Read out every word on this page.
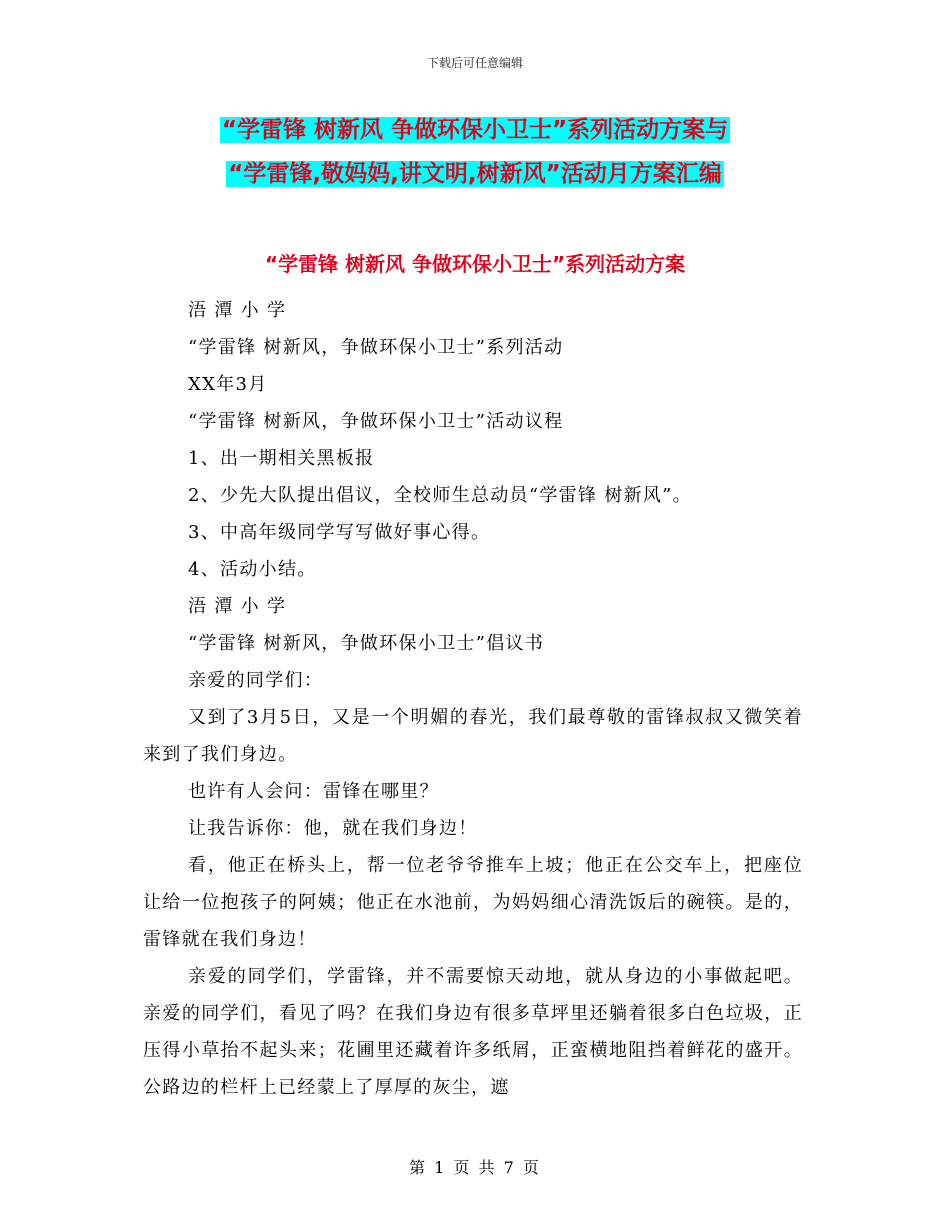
下载后可任意编辑
“学雷锋 树新风 争做环保小卫士”系列活动方案与
“学雷锋,敬妈妈,讲文明,树新风”活动月方案汇编
“学雷锋 树新风 争做环保小卫士”系列活动方案

浯 潭 小 学

“学雷锋 树新风，争做环保小卫士”系列活动

XX年3月

“学雷锋 树新风，争做环保小卫士”活动议程

1、出一期相关黑板报

2、少先大队提出倡议，全校师生总动员“学雷锋 树新风”。

3、中高年级同学写写做好事心得。

4、活动小结。

浯 潭 小 学

“学雷锋 树新风，争做环保小卫士”倡议书

亲爱的同学们：

又到了3月5日，又是一个明媚的春光，我们最尊敬的雷锋叔叔又微笑着来到了我们身边。

也许有人会问：雷锋在哪里？

让我告诉你：他，就在我们身边！

看，他正在桥头上，帮一位老爷爷推车上坡；他正在公交车上，把座位让给一位抱孩子的阿姨；他正在水池前，为妈妈细心清洗饭后的碗筷。是的，雷锋就在我们身边！

亲爱的同学们，学雷锋，并不需要惊天动地，就从身边的小事做起吧。亲爱的同学们，看见了吗？在我们身边有很多草坪里还躺着很多白色垃圾，正压得小草抬不起头来；花圃里还藏着许多纸屑，正蛮横地阻挡着鲜花的盛开。公路边的栏杆上已经蒙上了厚厚的灰尘，遮

第 1 页 共 7 页
